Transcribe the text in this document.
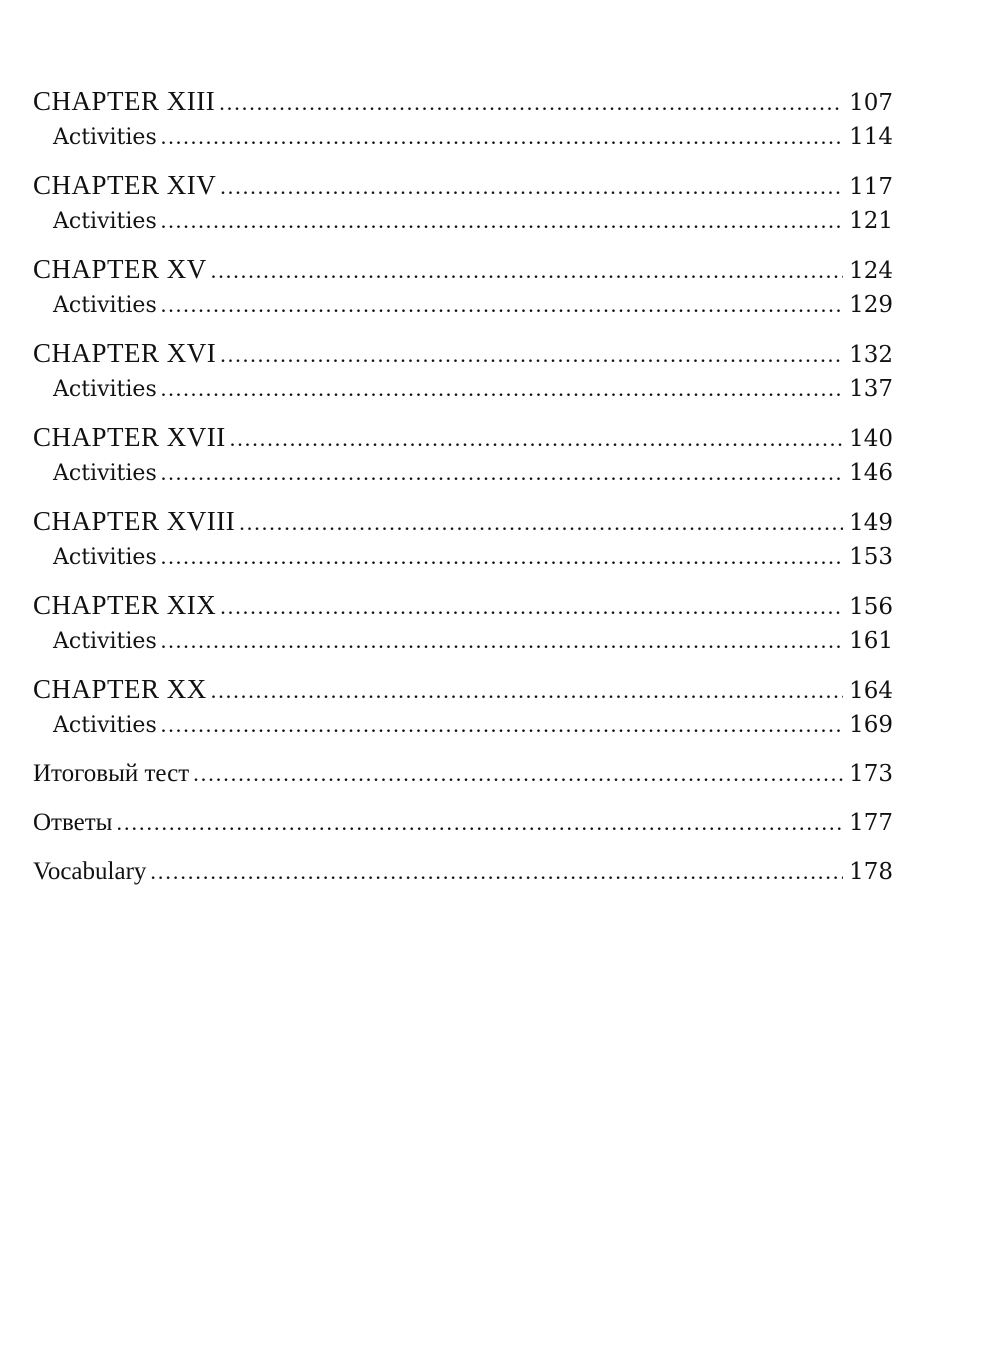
CHAPTER XIII .....	107
Activities .....	114
CHAPTER XIV .....	117
Activities .....	121
CHAPTER XV .....	124
Activities .....	129
CHAPTER XVI .....	132
Activities .....	137
CHAPTER XVII .....	140
Activities .....	146
CHAPTER XVIII .....	149
Activities .....	153
CHAPTER XIX .....	156
Activities .....	161
CHAPTER XX .....	164
Activities .....	169
Итоговый тест .....	173
Ответы .....	177
Vocabulary .....	178
